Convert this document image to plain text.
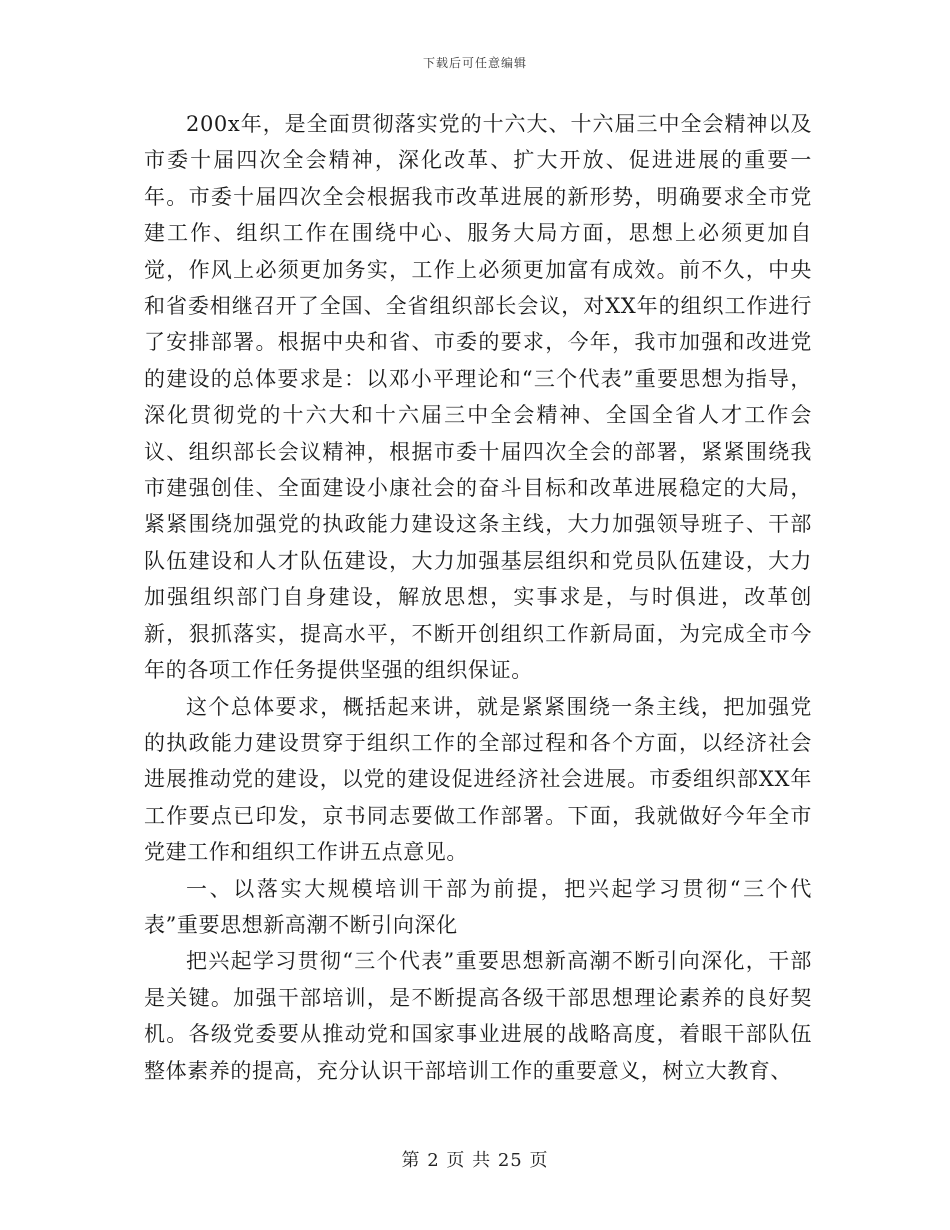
下载后可任意编辑

200x年，是全面贯彻落实党的十六大、十六届三中全会精神以及市委十届四次全会精神，深化改革、扩大开放、促进进展的重要一年。市委十届四次全会根据我市改革进展的新形势，明确要求全市党建工作、组织工作在围绕中心、服务大局方面，思想上必须更加自觉，作风上必须更加务实，工作上必须更加富有成效。前不久，中央和省委相继召开了全国、全省组织部长会议，对XX年的组织工作进行了安排部署。根据中央和省、市委的要求，今年，我市加强和改进党的建设的总体要求是：以邓小平理论和“三个代表”重要思想为指导，深化贯彻党的十六大和十六届三中全会精神、全国全省人才工作会议、组织部长会议精神，根据市委十届四次全会的部署，紧紧围绕我市建强创佳、全面建设小康社会的奋斗目标和改革进展稳定的大局，紧紧围绕加强党的执政能力建设这条主线，大力加强领导班子、干部队伍建设和人才队伍建设，大力加强基层组织和党员队伍建设，大力加强组织部门自身建设，解放思想，实事求是，与时俱进，改革创新，狠抓落实，提高水平，不断开创组织工作新局面，为完成全市今年的各项工作任务提供坚强的组织保证。

这个总体要求，概括起来讲，就是紧紧围绕一条主线，把加强党的执政能力建设贯穿于组织工作的全部过程和各个方面，以经济社会进展推动党的建设，以党的建设促进经济社会进展。市委组织部XX年工作要点已印发，京书同志要做工作部署。下面，我就做好今年全市党建工作和组织工作讲五点意见。

一、以落实大规模培训干部为前提，把兴起学习贯彻“三个代表”重要思想新高潮不断引向深化

把兴起学习贯彻“三个代表”重要思想新高潮不断引向深化，干部是关键。加强干部培训，是不断提高各级干部思想理论素养的良好契机。各级党委要从推动党和国家事业进展的战略高度，着眼干部队伍整体素养的提高，充分认识干部培训工作的重要意义，树立大教育、

第 2 页 共 25 页
